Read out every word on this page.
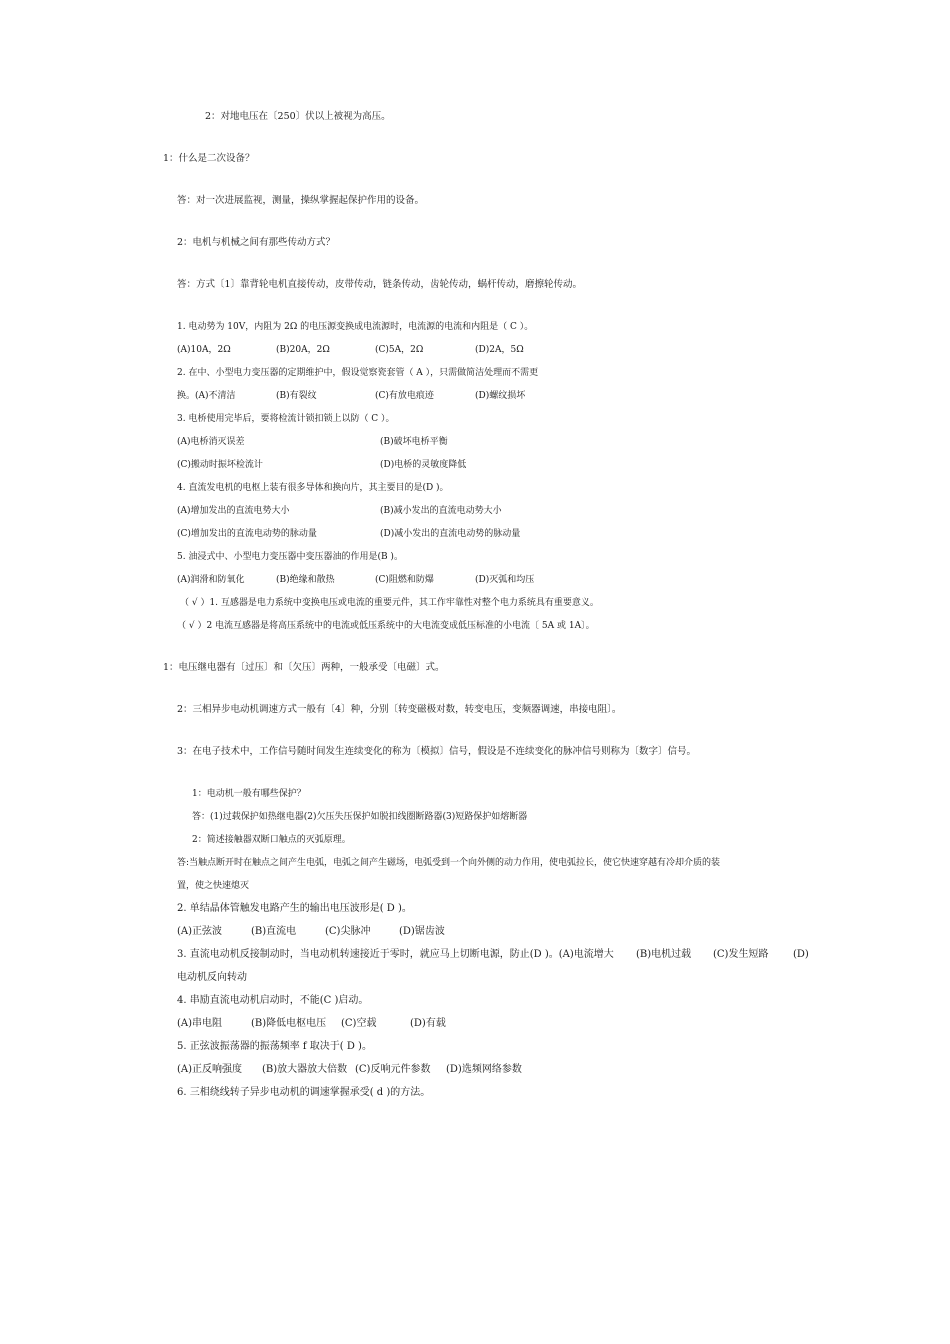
2：对地电压在〔250〕伏以上被视为高压。
1：什么是二次设备？
答：对一次进展监视，测量，操纵掌握起保护作用的设备。
2：电机与机械之间有那些传动方式？
答：方式〔1〕靠背轮电机直接传动，皮带传动，链条传动，齿轮传动，蜗杆传动，磨擦轮传动。
1. 电动势为 10V，内阻为 2Ω 的电压源变换成电流源时，电流源的电流和内阻是（ C ）。
(A)10A，2Ω	(B)20A，2Ω	(C)5A，2Ω	(D)2A，5Ω
2. 在中、小型电力变压器的定期维护中，假设觉察瓷套管（ A ），只需做简洁处理而不需更
换。(A)不清洁	(B)有裂纹	(C)有放电痕迹	(D)螺纹损坏
3. 电桥使用完毕后，要将检流计锁扣锁上以防（ C ）。
(A)电桥消灭误差	(B)破坏电桥平衡
(C)搬动时振坏检流计	(D)电桥的灵敏度降低
4. 直流发电机的电枢上装有很多导体和换向片，其主要目的是(D )。
(A)增加发出的直流电势大小	(B)减小发出的直流电动势大小
(C)增加发出的直流电动势的脉动量	(D)减小发出的直流电动势的脉动量
5. 油浸式中、小型电力变压器中变压器油的作用是(B )。
(A)润滑和防氧化	(B)绝缘和散热	(C)阻燃和防爆	(D)灭弧和均压
（ √ ）1. 互感器是电力系统中变换电压或电流的重要元件，其工作牢靠性对整个电力系统具有重要意义。
（ √ ）2 电流互感器是将高压系统中的电流或低压系统中的大电流变成低压标准的小电流〔 5A 或 1A〕。
1：电压继电器有〔过压〕和〔欠压〕两种，一般承受〔电磁〕式。
2：三相异步电动机调速方式一般有〔4〕种，分别〔转变磁极对数，转变电压，变频器调速，串接电阻〕。
3：在电子技术中，工作信号随时间发生连续变化的称为〔模拟〕信号，假设是不连续变化的脉冲信号则称为〔数字〕信号。
1：电动机一般有哪些保护？
答：(1)过载保护如热继电器(2)欠压失压保护如脱扣线圈断路器(3)短路保护如熔断器
2：简述接触器双断口触点的灭弧原理。
答:当触点断开时在触点之间产生电弧，电弧之间产生磁场，电弧受到一个向外侧的动力作用，使电弧拉长，使它快速穿越有冷却介质的装
置，使之快速熄灭
2. 单结晶体管触发电路产生的输出电压波形是( D )。
(A)正弦波	(B)直流电	(C)尖脉冲	(D)锯齿波
3. 直流电动机反接制动时，当电动机转速接近于零时，就应马上切断电源，防止(D )。(A)电流增大 (B)电机过载 (C)发生短路 (D)
电动机反向转动
4. 串励直流电动机启动时，不能(C )启动。
(A)串电阻	(B)降低电枢电压 (C)空载	(D)有载
5. 正弦波振荡器的振荡频率 f 取决于( D )。
(A)正反响强度 (B)放大器放大倍数 (C)反响元件参数 (D)选频网络参数
6. 三相绕线转子异步电动机的调速掌握承受( d )的方法。
